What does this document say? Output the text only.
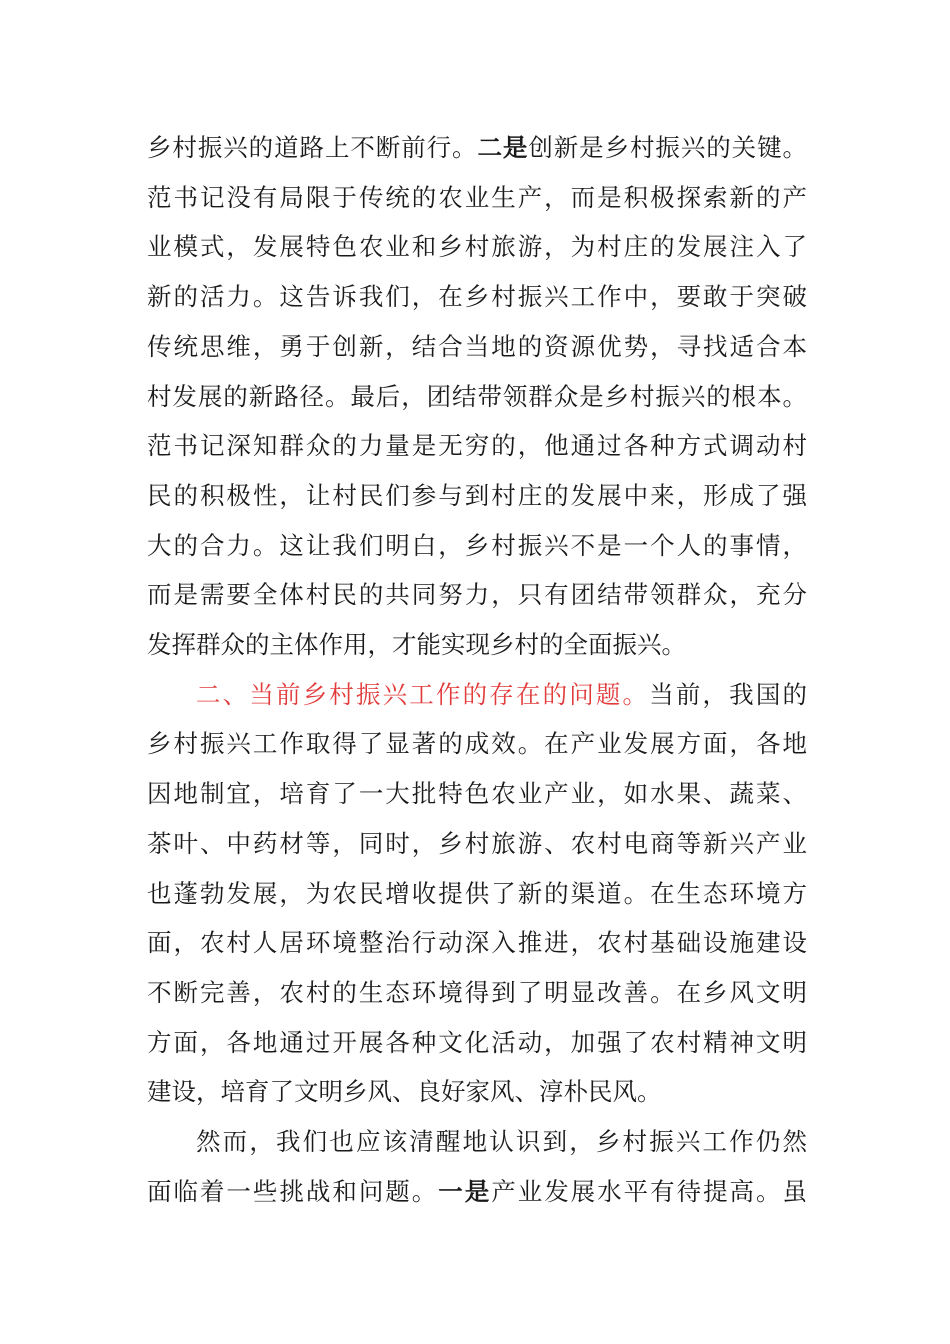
乡村振兴的道路上不断前行。二是创新是乡村振兴的关键。
范书记没有局限于传统的农业生产，而是积极探索新的产
业模式，发展特色农业和乡村旅游，为村庄的发展注入了
新的活力。这告诉我们，在乡村振兴工作中，要敢于突破
传统思维，勇于创新，结合当地的资源优势，寻找适合本
村发展的新路径。最后，团结带领群众是乡村振兴的根本。
范书记深知群众的力量是无穷的，他通过各种方式调动村
民的积极性，让村民们参与到村庄的发展中来，形成了强
大的合力。这让我们明白，乡村振兴不是一个人的事情，
而是需要全体村民的共同努力，只有团结带领群众，充分
发挥群众的主体作用，才能实现乡村的全面振兴。
二、当前乡村振兴工作的存在的问题。当前，我国的
乡村振兴工作取得了显著的成效。在产业发展方面，各地
因地制宜，培育了一大批特色农业产业，如水果、蔬菜、
茶叶、中药材等，同时，乡村旅游、农村电商等新兴产业
也蓬勃发展，为农民增收提供了新的渠道。在生态环境方
面，农村人居环境整治行动深入推进，农村基础设施建设
不断完善，农村的生态环境得到了明显改善。在乡风文明
方面，各地通过开展各种文化活动，加强了农村精神文明
建设，培育了文明乡风、良好家风、淳朴民风。
然而，我们也应该清醒地认识到，乡村振兴工作仍然
面临着一些挑战和问题。一是产业发展水平有待提高。虽
